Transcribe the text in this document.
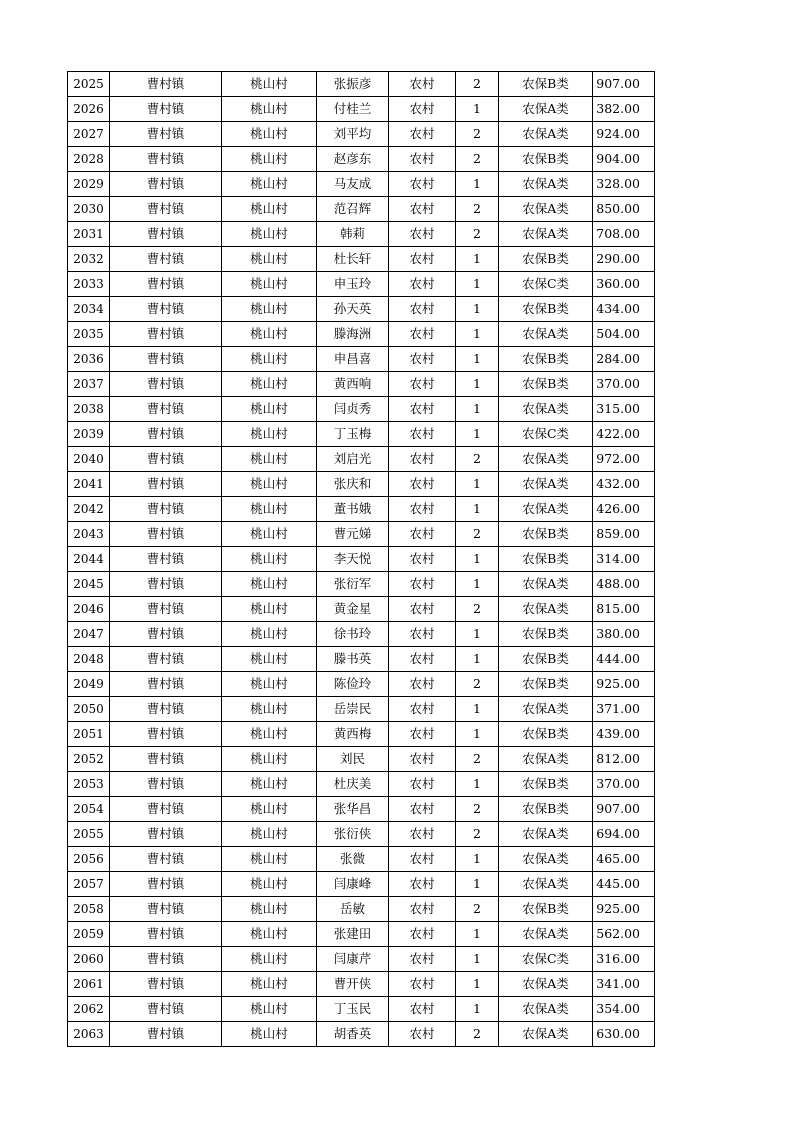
2025	曹村镇	桃山村	张振彦	农村	2	农保B类	907.00
2026	曹村镇	桃山村	付桂兰	农村	1	农保A类	382.00
2027	曹村镇	桃山村	刘平均	农村	2	农保A类	924.00
2028	曹村镇	桃山村	赵彦东	农村	2	农保B类	904.00
2029	曹村镇	桃山村	马友成	农村	1	农保A类	328.00
2030	曹村镇	桃山村	范召辉	农村	2	农保A类	850.00
2031	曹村镇	桃山村	韩莉	农村	2	农保A类	708.00
2032	曹村镇	桃山村	杜长轩	农村	1	农保B类	290.00
2033	曹村镇	桃山村	申玉玲	农村	1	农保C类	360.00
2034	曹村镇	桃山村	孙天英	农村	1	农保B类	434.00
2035	曹村镇	桃山村	滕海洲	农村	1	农保A类	504.00
2036	曹村镇	桃山村	申昌喜	农村	1	农保B类	284.00
2037	曹村镇	桃山村	黄西响	农村	1	农保B类	370.00
2038	曹村镇	桃山村	闫贞秀	农村	1	农保A类	315.00
2039	曹村镇	桃山村	丁玉梅	农村	1	农保C类	422.00
2040	曹村镇	桃山村	刘启光	农村	2	农保A类	972.00
2041	曹村镇	桃山村	张庆和	农村	1	农保A类	432.00
2042	曹村镇	桃山村	董书娥	农村	1	农保A类	426.00
2043	曹村镇	桃山村	曹元娣	农村	2	农保B类	859.00
2044	曹村镇	桃山村	李天悦	农村	1	农保B类	314.00
2045	曹村镇	桃山村	张衍军	农村	1	农保A类	488.00
2046	曹村镇	桃山村	黄金星	农村	2	农保A类	815.00
2047	曹村镇	桃山村	徐书玲	农村	1	农保B类	380.00
2048	曹村镇	桃山村	滕书英	农村	1	农保B类	444.00
2049	曹村镇	桃山村	陈俭玲	农村	2	农保B类	925.00
2050	曹村镇	桃山村	岳崇民	农村	1	农保A类	371.00
2051	曹村镇	桃山村	黄西梅	农村	1	农保B类	439.00
2052	曹村镇	桃山村	刘民	农村	2	农保A类	812.00
2053	曹村镇	桃山村	杜庆美	农村	1	农保B类	370.00
2054	曹村镇	桃山村	张华昌	农村	2	农保B类	907.00
2055	曹村镇	桃山村	张衍侠	农村	2	农保A类	694.00
2056	曹村镇	桃山村	张微	农村	1	农保A类	465.00
2057	曹村镇	桃山村	闫康峰	农村	1	农保A类	445.00
2058	曹村镇	桃山村	岳敏	农村	2	农保B类	925.00
2059	曹村镇	桃山村	张建田	农村	1	农保A类	562.00
2060	曹村镇	桃山村	闫康芹	农村	1	农保C类	316.00
2061	曹村镇	桃山村	曹开侠	农村	1	农保A类	341.00
2062	曹村镇	桃山村	丁玉民	农村	1	农保A类	354.00
2063	曹村镇	桃山村	胡香英	农村	2	农保A类	630.00
